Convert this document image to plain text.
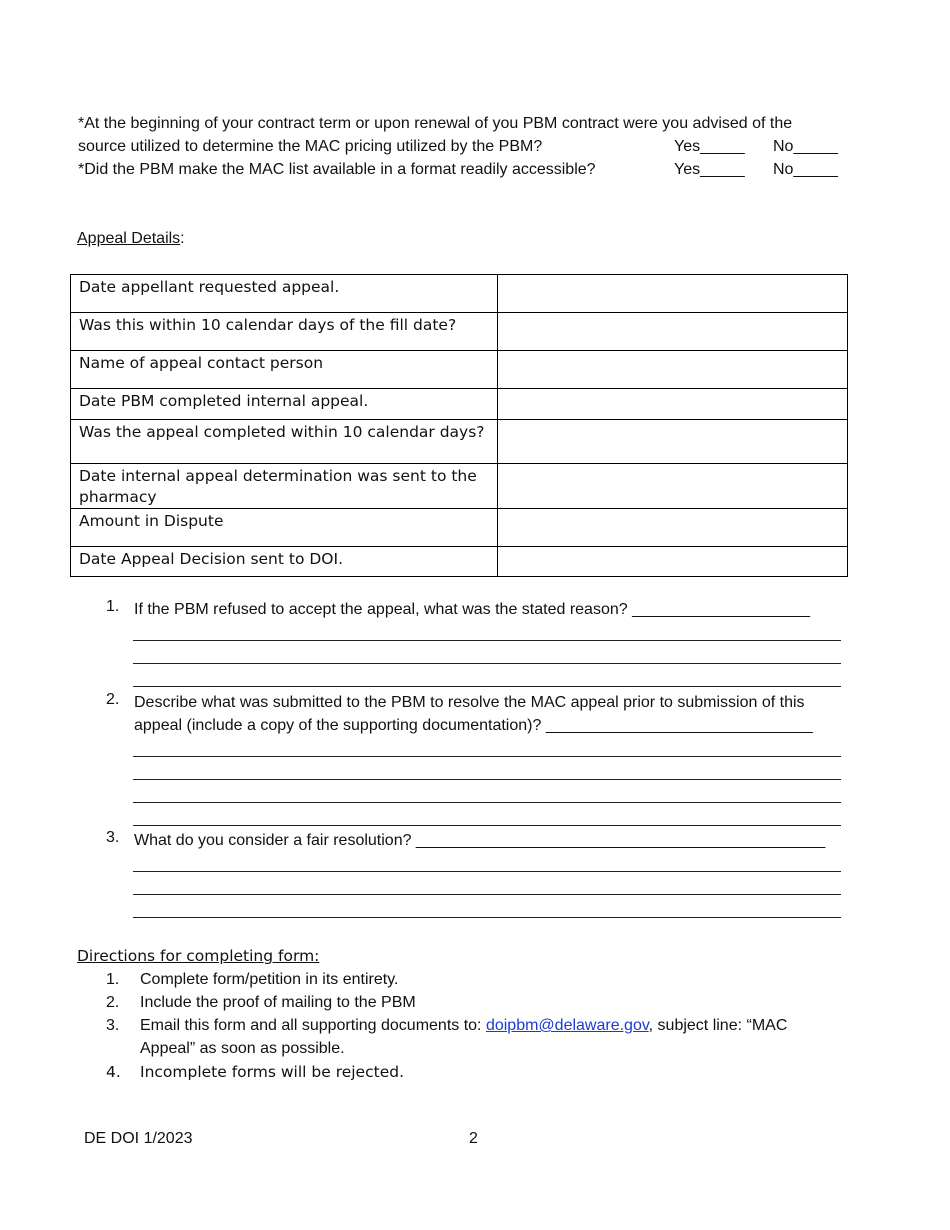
*At the beginning of your contract term or upon renewal of you PBM contract were you advised of the
source utilized to determine the MAC pricing utilized by the PBM?	Yes_____ No_____
*Did the PBM make the MAC list available in a format readily accessible?	Yes_____ No_____
Appeal Details:
Date appellant requested appeal.	
Was this within 10 calendar days of the fill date?	
Name of appeal contact person	
Date PBM completed internal appeal.	
Was the appeal completed within 10 calendar days?	
Date internal appeal determination was sent to the pharmacy	
Amount in Dispute	
Date Appeal Decision sent to DOI.	
1. If the PBM refused to accept the appeal, what was the stated reason? ____________________
2. Describe what was submitted to the PBM to resolve the MAC appeal prior to submission of this
appeal (include a copy of the supporting documentation)? ______________________________
3. What do you consider a fair resolution? ______________________________________________
Directions for completing form:
1. Complete form/petition in its entirety.
2. Include the proof of mailing to the PBM
3. Email this form and all supporting documents to: doipbm@delaware.gov, subject line: “MAC
Appeal” as soon as possible.
4. Incomplete forms will be rejected.
DE DOI 1/2023	2
